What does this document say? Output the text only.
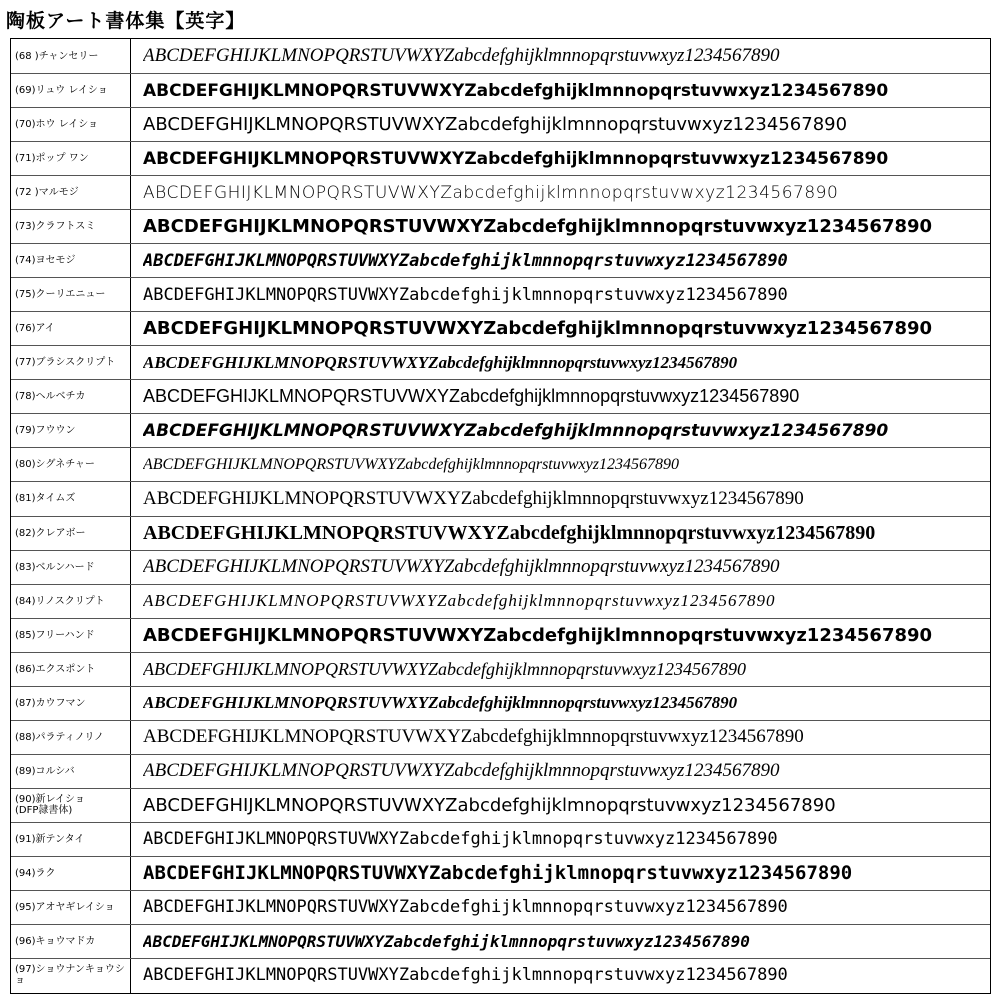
陶板アート書体集【英字】
(68 )チャンセリー	ABCDEFGHIJKLMNOPQRSTUVWXYZabcdefghijklmnnopqrstuvwxyz1234567890
(69)リュウ レイショ	ABCDEFGHIJKLMNOPQRSTUVWXYZabcdefghijklmnnopqrstuvwxyz1234567890
(70)ホウ レイショ	ABCDEFGHIJKLMNOPQRSTUVWXYZabcdefghijklmnnopqrstuvwxyz1234567890
(71)ポップ ワン	ABCDEFGHIJKLMNOPQRSTUVWXYZabcdefghijklmnnopqrstuvwxyz1234567890
(72 )マルモジ	ABCDEFGHIJKLMNOPQRSTUVWXYZabcdefghijklmnnopqrstuvwxyz1234567890
(73)クラフトスミ	ABCDEFGHIJKLMNOPQRSTUVWXYZabcdefghijklmnnopqrstuvwxyz1234567890
(74)ヨセモジ	ABCDEFGHIJKLMNOPQRSTUVWXYZabcdefghijklmnnopqrstuvwxyz1234567890
(75)クーリエニュー	ABCDEFGHIJKLMNOPQRSTUVWXYZabcdefghijklmnnopqrstuvwxyz1234567890
(76)アイ	ABCDEFGHIJKLMNOPQRSTUVWXYZabcdefghijklmnnopqrstuvwxyz1234567890
(77)ブラシスクリプト	ABCDEFGHIJKLMNOPQRSTUVWXYZabcdefghijklmnnopqrstuvwxyz1234567890
(78)ヘルベチカ	ABCDEFGHIJKLMNOPQRSTUVWXYZabcdefghijklmnnopqrstuvwxyz1234567890
(79)フウウン	ABCDEFGHIJKLMNOPQRSTUVWXYZabcdefghijklmnnopqrstuvwxyz1234567890
(80)シグネチャー	ABCDEFGHIJKLMNOPQRSTUVWXYZabcdefghijklmnnopqrstuvwxyz1234567890
(81)タイムズ	ABCDEFGHIJKLMNOPQRSTUVWXYZabcdefghijklmnnopqrstuvwxyz1234567890
(82)クレアボー	ABCDEFGHIJKLMNOPQRSTUVWXYZabcdefghijklmnnopqrstuvwxyz1234567890
(83)ベルンハード	ABCDEFGHIJKLMNOPQRSTUVWXYZabcdefghijklmnnopqrstuvwxyz1234567890
(84)リノスクリプト	ABCDEFGHIJKLMNOPQRSTUVWXYZabcdefghijklmnnopqrstuvwxyz1234567890
(85)フリーハンド	ABCDEFGHIJKLMNOPQRSTUVWXYZabcdefghijklmnnopqrstuvwxyz1234567890
(86)エクスポント	ABCDEFGHIJKLMNOPQRSTUVWXYZabcdefghijklmnnopqrstuvwxyz1234567890
(87)カウフマン	ABCDEFGHIJKLMNOPQRSTUVWXYZabcdefghijklmnnopqrstuvwxyz1234567890
(88)パラティノリノ	ABCDEFGHIJKLMNOPQRSTUVWXYZabcdefghijklmnnopqrstuvwxyz1234567890
(89)コルシバ	ABCDEFGHIJKLMNOPQRSTUVWXYZabcdefghijklmnnopqrstuvwxyz1234567890
(90)新レイショ
(DFP隷書体)	ABCDEFGHIJKLMNOPQRSTUVWXYZabcdefghijklmnopqrstuvwxyz1234567890
(91)新テンタイ	ABCDEFGHIJKLMNOPQRSTUVWXYZabcdefghijklmnopqrstuvwxyz1234567890
(94)ラク	ABCDEFGHIJKLMNOPQRSTUVWXYZabcdefghijklmnopqrstuvwxyz1234567890
(95)アオヤギレイショ	ABCDEFGHIJKLMNOPQRSTUVWXYZabcdefghijklmnnopqrstuvwxyz1234567890
(96)キョウマドカ	ABCDEFGHIJKLMNOPQRSTUVWXYZabcdefghijklmnnopqrstuvwxyz1234567890
(97)ショウナンキョウショ	ABCDEFGHIJKLMNOPQRSTUVWXYZabcdefghijklmnnopqrstuvwxyz1234567890
